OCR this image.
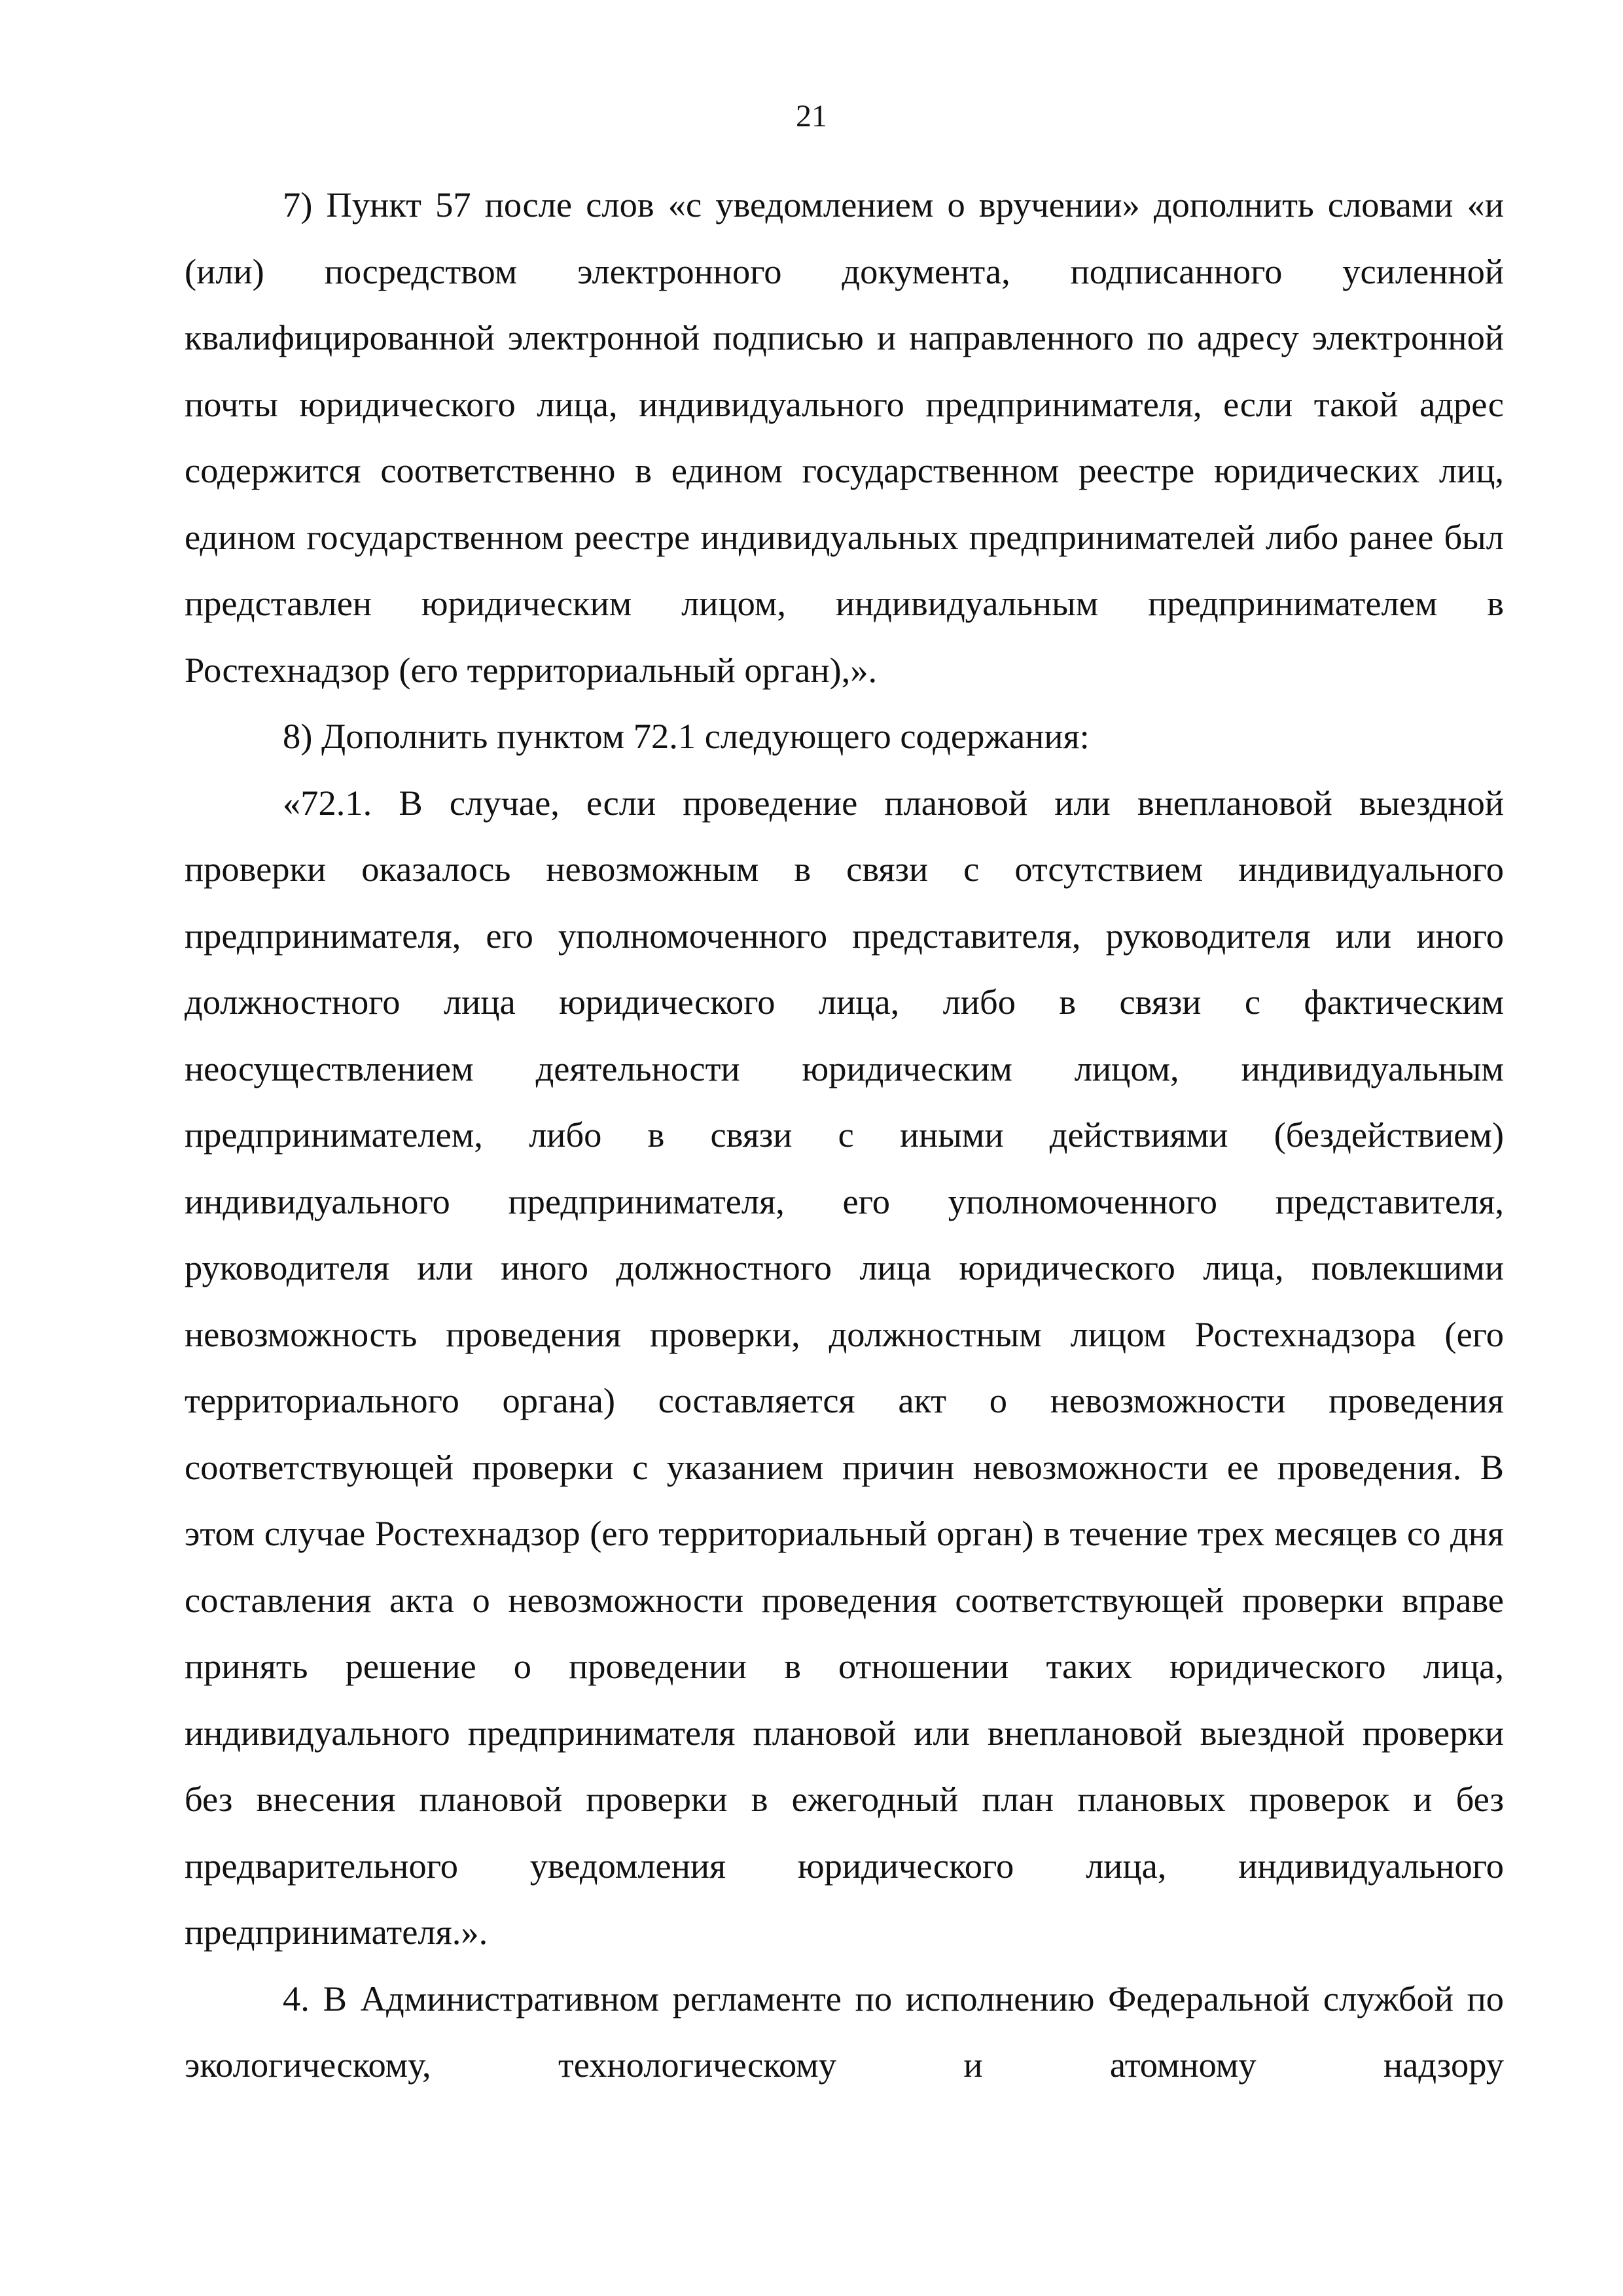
21

7) Пункт 57 после слов «с уведомлением о вручении» дополнить словами «и (или) посредством электронного документа, подписанного усиленной квалифицированной электронной подписью и направленного по адресу электронной почты юридического лица, индивидуального предпринимателя, если такой адрес содержится соответственно в едином государственном реестре юридических лиц, едином государственном реестре индивидуальных предпринимателей либо ранее был представлен юридическим лицом, индивидуальным предпринимателем в Ростехнадзор (его территориальный орган),».

8) Дополнить пунктом 72.1 следующего содержания:

«72.1. В случае, если проведение плановой или внеплановой выездной проверки оказалось невозможным в связи с отсутствием индивидуального предпринимателя, его уполномоченного представителя, руководителя или иного должностного лица юридического лица, либо в связи с фактическим неосуществлением деятельности юридическим лицом, индивидуальным предпринимателем, либо в связи с иными действиями (бездействием) индивидуального предпринимателя, его уполномоченного представителя, руководителя или иного должностного лица юридического лица, повлекшими невозможность проведения проверки, должностным лицом Ростехнадзора (его территориального органа) составляется акт о невозможности проведения соответствующей проверки с указанием причин невозможности ее проведения. В этом случае Ростехнадзор (его территориальный орган) в течение трех месяцев со дня составления акта о невозможности проведения соответствующей проверки вправе принять решение о проведении в отношении таких юридического лица, индивидуального предпринимателя плановой или внеплановой выездной проверки без внесения плановой проверки в ежегодный план плановых проверок и без предварительного уведомления юридического лица, индивидуального предпринимателя.».

4. В Административном регламенте по исполнению Федеральной службой по экологическому, технологическому и атомному надзору
